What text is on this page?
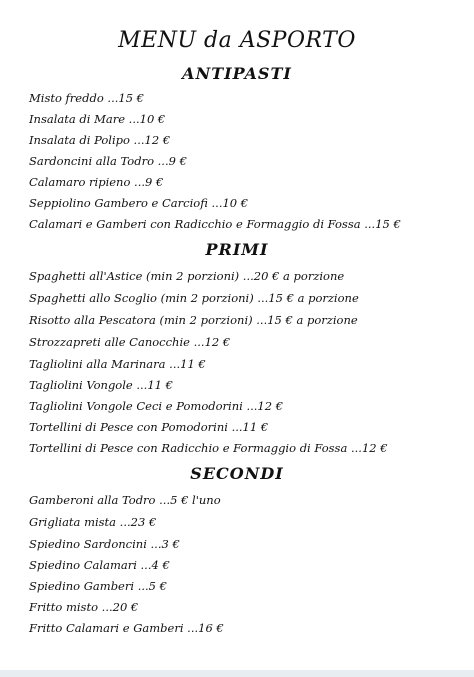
MENU da ASPORTO
ANTIPASTI
Misto freddo ...15 €
Insalata di Mare ...10 €
Insalata di Polipo ...12 €
Sardoncini alla Todro ...9 €
Calamaro ripieno ...9 €
Seppiolino Gambero e Carciofi ...10 €
Calamari e Gamberi con Radicchio e Formaggio di Fossa ...15 €
PRIMI
Spaghetti all'Astice (min 2 porzioni) ...20 € a porzione
Spaghetti allo Scoglio (min 2 porzioni) ...15 € a porzione
Risotto alla Pescatora (min 2 porzioni) ...15 € a porzione
Strozzapreti alle Canocchie ...12 €
Tagliolini alla Marinara ...11 €
Tagliolini Vongole ...11 €
Tagliolini Vongole Ceci e Pomodorini ...12 €
Tortellini di Pesce con Pomodorini ...11 €
Tortellini di Pesce con Radicchio e Formaggio di Fossa ...12 €
SECONDI
Gamberoni alla Todro ...5 € l'uno
Grigliata mista ...23 €
Spiedino Sardoncini ...3 €
Spiedino Calamari ...4 €
Spiedino Gamberi ...5 €
Fritto misto ...20 €
Fritto Calamari e Gamberi ...16 €
